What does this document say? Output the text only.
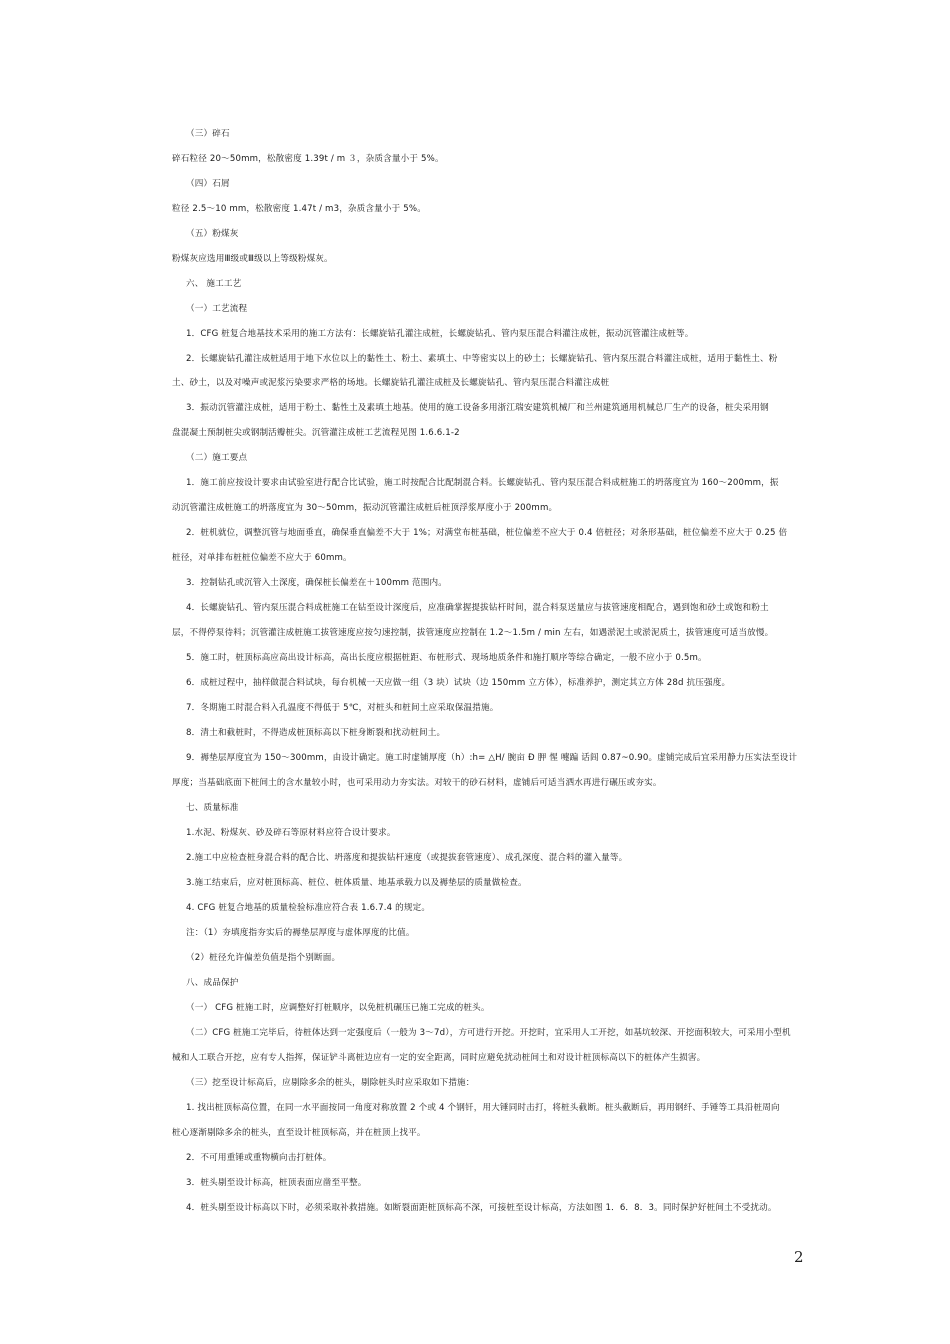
（三）碎石

碎石粒径 20～50mm，松散密度 1.39t / m ３，杂质含量小于 5%。

（四）石屑

粒径 2.5～10 mm，松散密度 1.47t / m3，杂质含量小于 5%。

（五）粉煤灰

粉煤灰应选用Ⅲ级或Ⅲ级以上等级粉煤灰。

六、 施工工艺

（一）工艺流程

1．CFG 桩复合地基技术采用的施工方法有：长螺旋钻孔灌注成桩，长螺旋钻孔、管内泵压混合料灌注成桩，振动沉管灌注成桩等。

2．长螺旋钻孔灌注成桩适用于地下水位以上的黏性土、粉土、素填土、中等密实以上的砂土；长螺旋钻孔、管内泵压混合料灌注成桩，适用于黏性土、粉

土、砂土，以及对噪声或泥浆污染要求严格的场地。长螺旋钻孔灌注成桩及长螺旋钻孔、管内泵压混合料灌注成桩

3．振动沉管灌注成桩，适用于粉土、黏性土及素填土地基。使用的施工设备多用浙江瑞安建筑机械厂和兰州建筑通用机械总厂生产的设备，桩尖采用钢

盘混凝土预制桩尖或钢制活瓣桩尖。沉管灌注成桩工艺流程见图 1.6.6.1-2

（二）施工要点

1．施工前应按设计要求由试验室进行配合比试验，施工时按配合比配制混合料。长螺旋钻孔、管内泵压混合料成桩施工的坍落度宜为 160～200mm，振

动沉管灌注成桩施工的坍落度宜为 30～50mm，振动沉管灌注成桩后桩顶浮浆厚度小于 200mm。

2．桩机就位，调整沉管与地面垂直，确保垂直偏差不大于 1%；对满堂布桩基础，桩位偏差不应大于 0.4 倍桩径；对条形基础，桩位偏差不应大于 0.25 倍

桩径，对单排布桩桩位偏差不应大于 60mm。

3．控制钻孔或沉管入土深度，确保桩长偏差在＋100mm 范围内。

4．长螺旋钻孔、管内泵压混合料成桩施工在钻至设计深度后，应准确掌握提拔钻杆时间，混合料泵送量应与拔管速度相配合，遇到饱和砂土或饱和粉土

层，不得停泵待料；沉管灌注成桩施工拔管速度应按匀速控制，拔管速度应控制在 1.2～1.5m / min 左右，如遇淤泥土或淤泥质土，拔管速度可适当放慢。

5．施工时，桩顶标高应高出设计标高，高出长度应根据桩距、布桩形式、现场地质条件和施打顺序等综合确定，一般不应小于 0.5m。

6．成桩过程中，抽样做混合料试块，每台机械一天应做一组（3 块）试块（边 150mm 立方体），标准养护，测定其立方体 28d 抗压强度。

7．冬期施工时混合料入孔温度不得低于 5℃，对桩头和桩间土应采取保温措施。

8．清土和截桩时，不得造成桩顶标高以下桩身断裂和扰动桩间土。

9．褥垫层厚度宜为 150～300mm，由设计确定。施工时虚铺厚度（h）:h= △H/ 腕亩 Ð 胛 惺 嚏蹁 话闾 0.87~0.90。虚铺完成后宜采用静力压实法至设计

厚度；当基础底面下桩间土的含水量较小时，也可采用动力夯实法。对较干的砂石材料，虚铺后可适当洒水再进行碾压或夯实。

七、质量标准

1.水泥、粉煤灰、砂及碎石等原材料应符合设计要求。

2.施工中应检查桩身混合料的配合比、坍落度和提拔钻杆速度（或提拔套管速度）、成孔深度、混合料的灌入量等。

3.施工结束后，应对桩顶标高、桩位、桩体质量、地基承载力以及褥垫层的质量做检查。

4. CFG 桩复合地基的质量检验标准应符合表 1.6.7.4 的规定。

注：（1）夯填度指夯实后的褥垫层厚度与虚体厚度的比值。

（2）桩径允许偏差负值是指个别断面。

八、成品保护

（一） CFG 桩施工时，应调整好打桩顺序，以免桩机碾压已施工完成的桩头。

（二）CFG 桩施工完毕后，待桩体达到一定强度后（一般为 3～7d），方可进行开挖。开挖时，宜采用人工开挖，如基坑较深、开挖面积较大，可采用小型机

械和人工联合开挖，应有专人指挥，保证铲斗离桩边应有一定的安全距离，同时应避免扰动桩间土和对设计桩顶标高以下的桩体产生损害。

（三）挖至设计标高后，应剔除多余的桩头，剔除桩头时应采取如下措施：

1. 找出桩顶标高位置，在同一水平面按同一角度对称放置 2 个或 4 个钢钎，用大锤同时击打，将桩头截断。桩头截断后，再用钢纤、手锤等工具沿桩周向

桩心逐渐剔除多余的桩头，直至设计桩顶标高，并在桩顶上找平。

2．不可用重锤或重物横向击打桩体。

3．桩头剔至设计标高，桩顶表面应凿至平整。

4．桩头剔至设计标高以下时，必须采取补救措施。如断裂面距桩顶标高不深，可接桩至设计标高，方法如图 1．6．8．3。同时保护好桩间土不受扰动。

2
